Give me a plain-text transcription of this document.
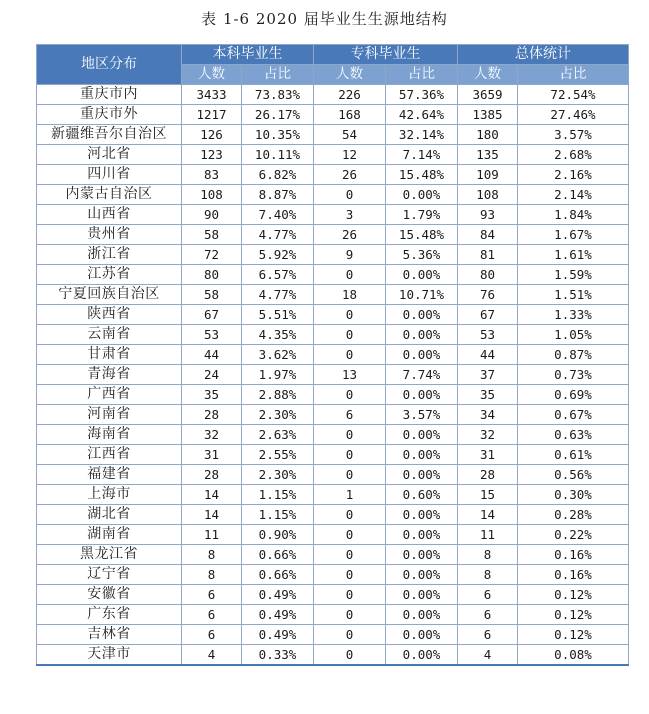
表 1-6 2020 届毕业生生源地结构
地区分布	本科毕业生		专科毕业生		总体统计	
	人数	占比	人数	占比	人数	占比
重庆市内	3433	73.83%	226	57.36%	3659	72.54%
重庆市外	1217	26.17%	168	42.64%	1385	27.46%
新疆维吾尔自治区	126	10.35%	54	32.14%	180	3.57%
河北省	123	10.11%	12	7.14%	135	2.68%
四川省	83	6.82%	26	15.48%	109	2.16%
内蒙古自治区	108	8.87%	0	0.00%	108	2.14%
山西省	90	7.40%	3	1.79%	93	1.84%
贵州省	58	4.77%	26	15.48%	84	1.67%
浙江省	72	5.92%	9	5.36%	81	1.61%
江苏省	80	6.57%	0	0.00%	80	1.59%
宁夏回族自治区	58	4.77%	18	10.71%	76	1.51%
陕西省	67	5.51%	0	0.00%	67	1.33%
云南省	53	4.35%	0	0.00%	53	1.05%
甘肃省	44	3.62%	0	0.00%	44	0.87%
青海省	24	1.97%	13	7.74%	37	0.73%
广西省	35	2.88%	0	0.00%	35	0.69%
河南省	28	2.30%	6	3.57%	34	0.67%
海南省	32	2.63%	0	0.00%	32	0.63%
江西省	31	2.55%	0	0.00%	31	0.61%
福建省	28	2.30%	0	0.00%	28	0.56%
上海市	14	1.15%	1	0.60%	15	0.30%
湖北省	14	1.15%	0	0.00%	14	0.28%
湖南省	11	0.90%	0	0.00%	11	0.22%
黑龙江省	8	0.66%	0	0.00%	8	0.16%
辽宁省	8	0.66%	0	0.00%	8	0.16%
安徽省	6	0.49%	0	0.00%	6	0.12%
广东省	6	0.49%	0	0.00%	6	0.12%
吉林省	6	0.49%	0	0.00%	6	0.12%
天津市	4	0.33%	0	0.00%	4	0.08%
